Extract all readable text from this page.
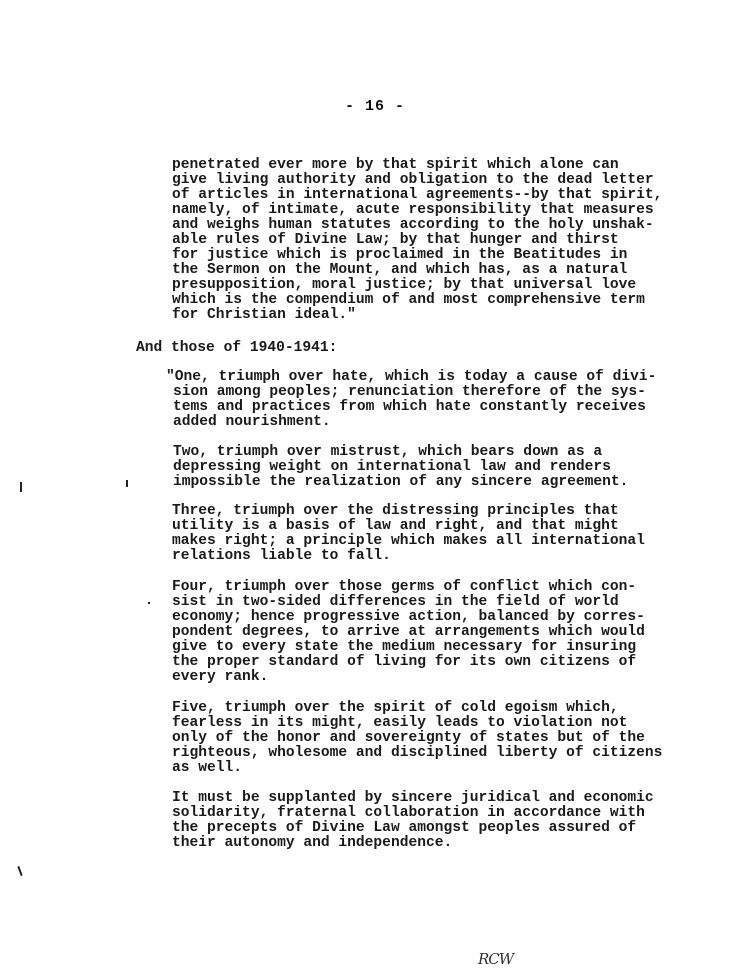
- 16 -
penetrated ever more by that spirit which alone can
give living authority and obligation to the dead letter
of articles in international agreements--by that spirit,
namely, of intimate, acute responsibility that measures
and weighs human statutes according to the holy unshak-
able rules of Divine Law; by that hunger and thirst
for justice which is proclaimed in the Beatitudes in
the Sermon on the Mount, and which has, as a natural
presupposition, moral justice; by that universal love
which is the compendium of and most comprehensive term
for Christian ideal."
And those of 1940-1941:
"One, triumph over hate, which is today a cause of divi-
sion among peoples; renunciation therefore of the sys-
tems and practices from which hate constantly receives
added nourishment.
Two, triumph over mistrust, which bears down as a
depressing weight on international law and renders
impossible the realization of any sincere agreement.
Three, triumph over the distressing principles that
utility is a basis of law and right, and that might
makes right; a principle which makes all international
relations liable to fall.
Four, triumph over those germs of conflict which con-
sist in two-sided differences in the field of world
economy; hence progressive action, balanced by corres-
pondent degrees, to arrive at arrangements which would
give to every state the medium necessary for insuring
the proper standard of living for its own citizens of
every rank.
Five, triumph over the spirit of cold egoism which,
fearless in its might, easily leads to violation not
only of the honor and sovereignty of states but of the
righteous, wholesome and disciplined liberty of citizens
as well.
It must be supplanted by sincere juridical and economic
solidarity, fraternal collaboration in accordance with
the precepts of Divine Law amongst peoples assured of
their autonomy and independence.
RCW
